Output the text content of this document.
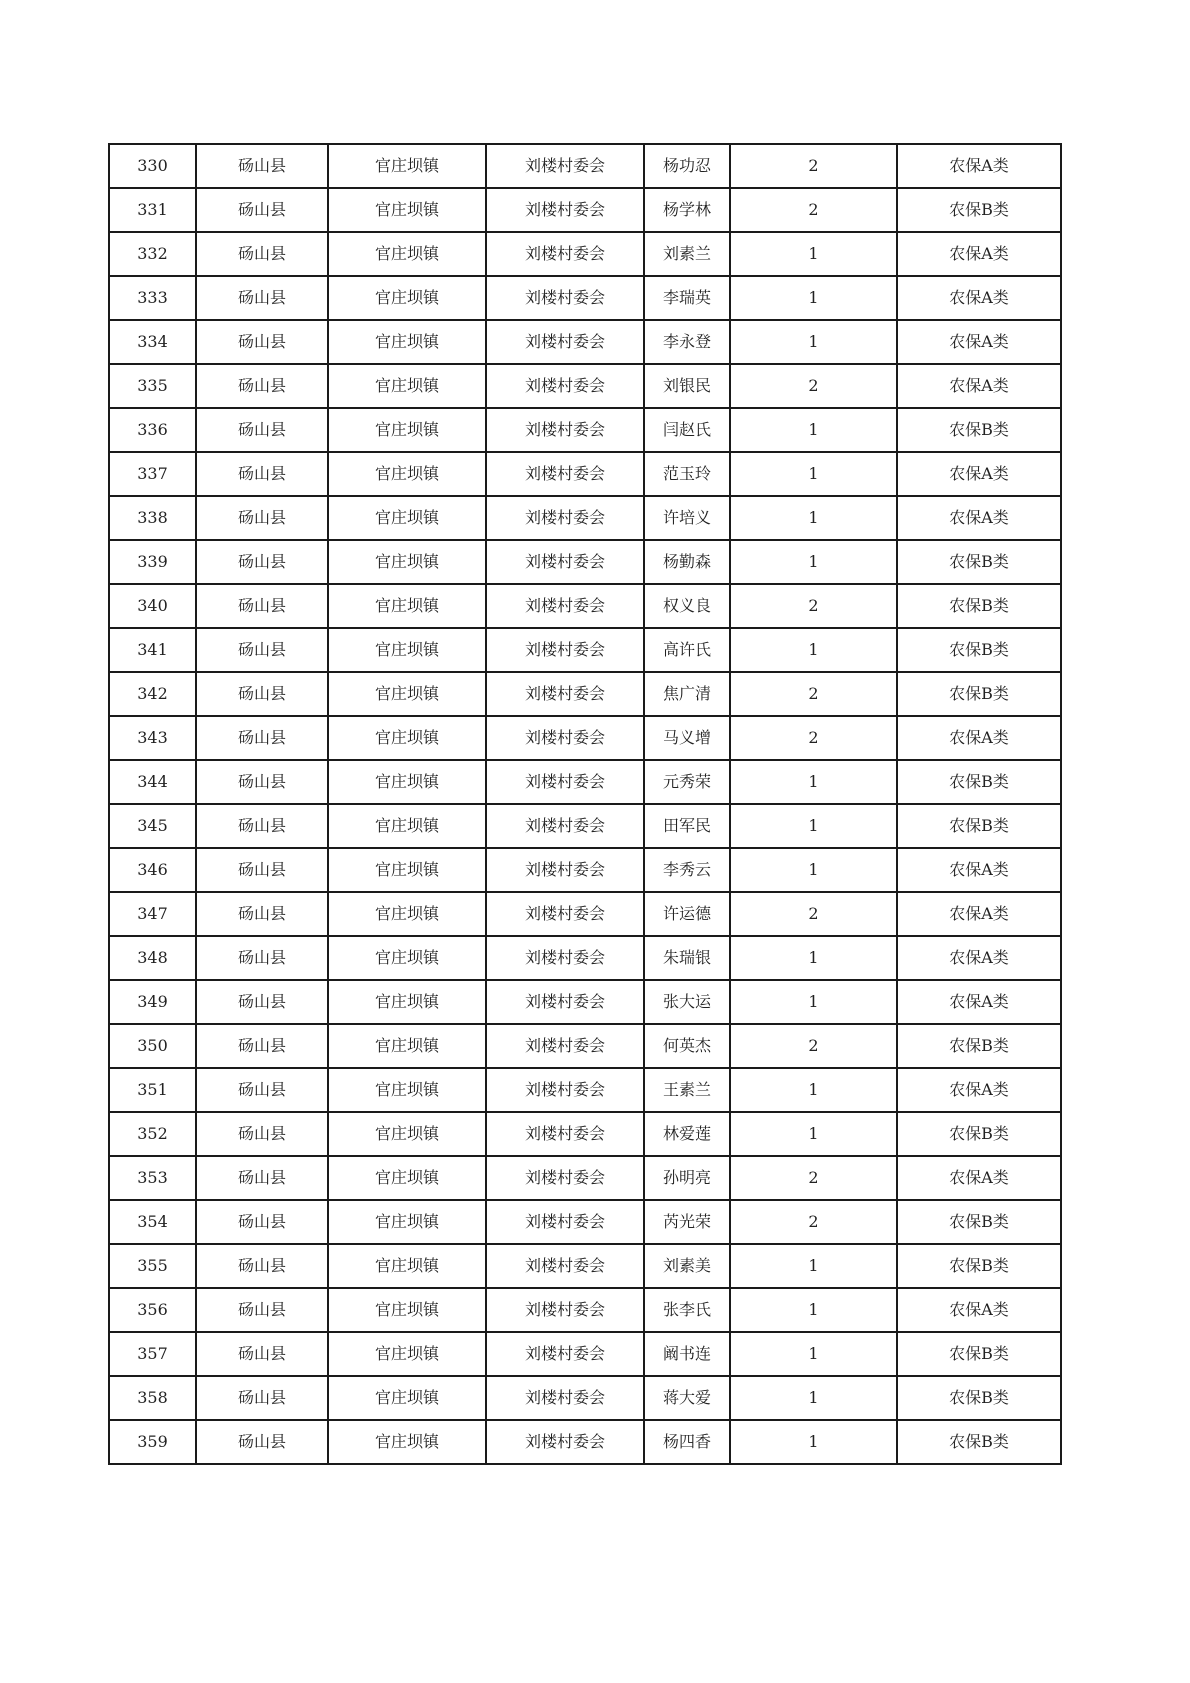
330	砀山县	官庄坝镇	刘楼村委会	杨功忍	2	农保A类
331	砀山县	官庄坝镇	刘楼村委会	杨学林	2	农保B类
332	砀山县	官庄坝镇	刘楼村委会	刘素兰	1	农保A类
333	砀山县	官庄坝镇	刘楼村委会	李瑞英	1	农保A类
334	砀山县	官庄坝镇	刘楼村委会	李永登	1	农保A类
335	砀山县	官庄坝镇	刘楼村委会	刘银民	2	农保A类
336	砀山县	官庄坝镇	刘楼村委会	闫赵氏	1	农保B类
337	砀山县	官庄坝镇	刘楼村委会	范玉玲	1	农保A类
338	砀山县	官庄坝镇	刘楼村委会	许培义	1	农保A类
339	砀山县	官庄坝镇	刘楼村委会	杨勤森	1	农保B类
340	砀山县	官庄坝镇	刘楼村委会	权义良	2	农保B类
341	砀山县	官庄坝镇	刘楼村委会	高许氏	1	农保B类
342	砀山县	官庄坝镇	刘楼村委会	焦广清	2	农保B类
343	砀山县	官庄坝镇	刘楼村委会	马义增	2	农保A类
344	砀山县	官庄坝镇	刘楼村委会	元秀荣	1	农保B类
345	砀山县	官庄坝镇	刘楼村委会	田军民	1	农保B类
346	砀山县	官庄坝镇	刘楼村委会	李秀云	1	农保A类
347	砀山县	官庄坝镇	刘楼村委会	许运德	2	农保A类
348	砀山县	官庄坝镇	刘楼村委会	朱瑞银	1	农保A类
349	砀山县	官庄坝镇	刘楼村委会	张大运	1	农保A类
350	砀山县	官庄坝镇	刘楼村委会	何英杰	2	农保B类
351	砀山县	官庄坝镇	刘楼村委会	王素兰	1	农保A类
352	砀山县	官庄坝镇	刘楼村委会	林爱莲	1	农保B类
353	砀山县	官庄坝镇	刘楼村委会	孙明亮	2	农保A类
354	砀山县	官庄坝镇	刘楼村委会	芮光荣	2	农保B类
355	砀山县	官庄坝镇	刘楼村委会	刘素美	1	农保B类
356	砀山县	官庄坝镇	刘楼村委会	张李氏	1	农保A类
357	砀山县	官庄坝镇	刘楼村委会	阚书连	1	农保B类
358	砀山县	官庄坝镇	刘楼村委会	蒋大爱	1	农保B类
359	砀山县	官庄坝镇	刘楼村委会	杨四香	1	农保B类
